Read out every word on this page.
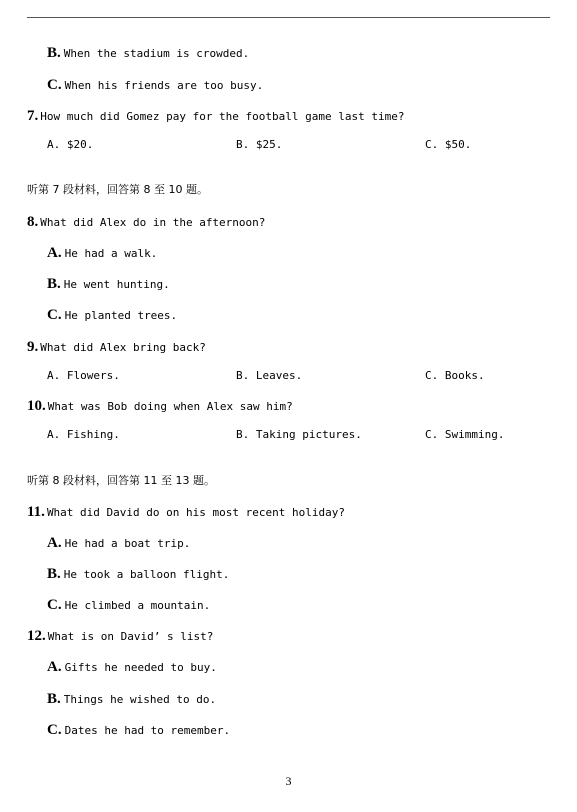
B. When the stadium is crowded.
C. When his friends are too busy.
7. How much did Gomez pay for the football game last time?
A. $20.	B. $25.	C. $50.
听第 7 段材料，回答第 8 至 10 题。
8. What did Alex do in the afternoon?
A. He had a walk.
B. He went hunting.
C. He planted trees.
9. What did Alex bring back?
A. Flowers.	B. Leaves.	C. Books.
10. What was Bob doing when Alex saw him?
A. Fishing.	B. Taking pictures.	C. Swimming.
听第 8 段材料，回答第 11 至 13 题。
11. What did David do on his most recent holiday?
A. He had a boat trip.
B. He took a balloon flight.
C. He climbed a mountain.
12. What is on David’ s list?
A. Gifts he needed to buy.
B. Things he wished to do.
C. Dates he had to remember.
3
